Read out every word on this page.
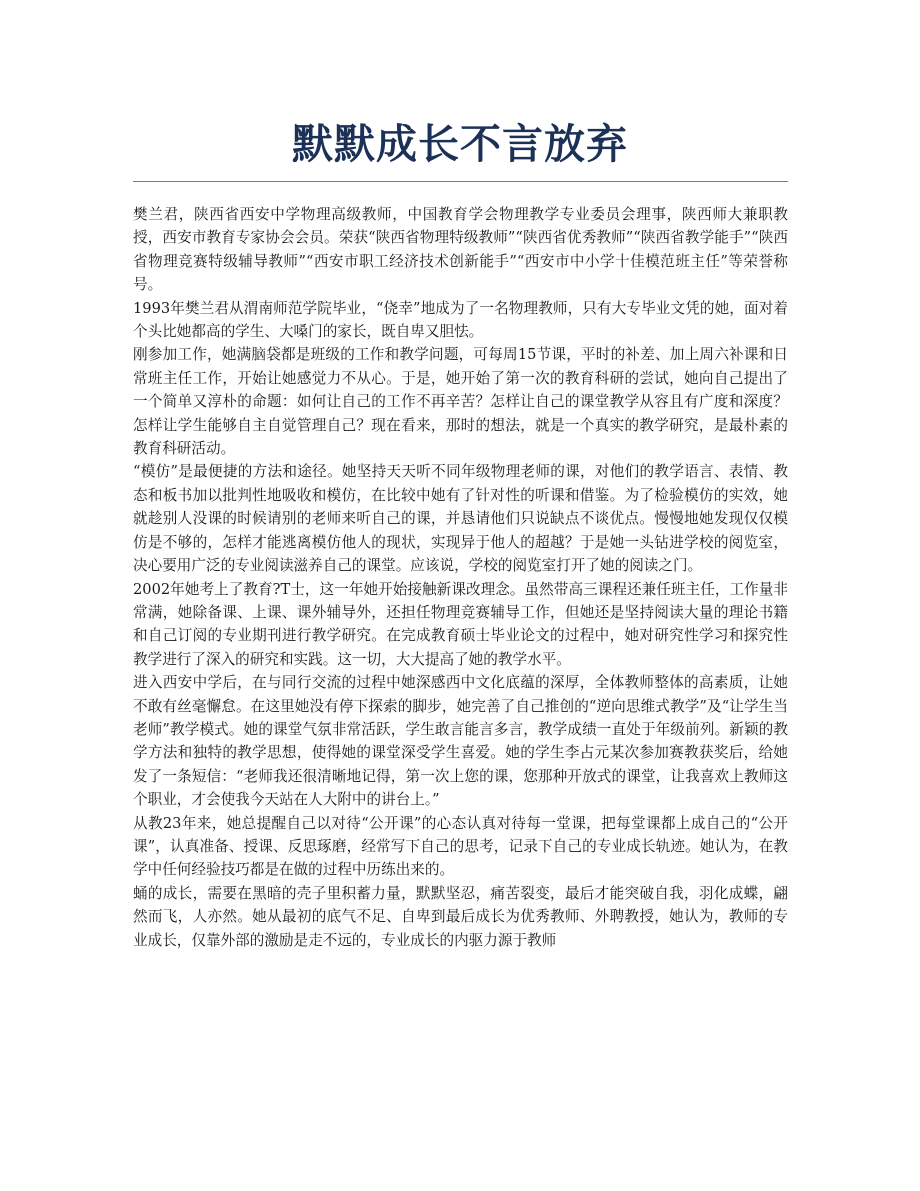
默默成长不言放弃

樊兰君，陕西省西安中学物理高级教师，中国教育学会物理教学专业委员会理事，陕西师大兼职教授，西安市教育专家协会会员。荣获“陕西省物理特级教师”“陕西省优秀教师”“陕西省教学能手”“陕西省物理竞赛特级辅导教师”“西安市职工经济技术创新能手”“西安市中小学十佳模范班主任”等荣誉称号。

1993年樊兰君从渭南师范学院毕业，“侥幸”地成为了一名物理教师，只有大专毕业文凭的她，面对着个头比她都高的学生、大嗓门的家长，既自卑又胆怯。

刚参加工作，她满脑袋都是班级的工作和教学问题，可每周15节课，平时的补差、加上周六补课和日常班主任工作，开始让她感觉力不从心。于是，她开始了第一次的教育科研的尝试，她向自己提出了一个简单又淳朴的命题：如何让自己的工作不再辛苦？怎样让自己的课堂教学从容且有广度和深度？怎样让学生能够自主自觉管理自己？现在看来，那时的想法，就是一个真实的教学研究，是最朴素的教育科研活动。

“模仿”是最便捷的方法和途径。她坚持天天听不同年级物理老师的课，对他们的教学语言、表情、教态和板书加以批判性地吸收和模仿，在比较中她有了针对性的听课和借鉴。为了检验模仿的实效，她就趁别人没课的时候请别的老师来听自己的课，并恳请他们只说缺点不谈优点。慢慢地她发现仅仅模仿是不够的，怎样才能逃离模仿他人的现状，实现异于他人的超越？于是她一头钻进学校的阅览室，决心要用广泛的专业阅读滋养自己的课堂。应该说，学校的阅览室打开了她的阅读之门。

2002年她考上了教育?T士，这一年她开始接触新课改理念。虽然带高三课程还兼任班主任，工作量非常满，她除备课、上课、课外辅导外，还担任物理竞赛辅导工作，但她还是坚持阅读大量的理论书籍和自己订阅的专业期刊进行教学研究。在完成教育硕士毕业论文的过程中，她对研究性学习和探究性教学进行了深入的研究和实践。这一切，大大提高了她的教学水平。

进入西安中学后，在与同行交流的过程中她深感西中文化底蕴的深厚，全体教师整体的高素质，让她不敢有丝毫懈怠。在这里她没有停下探索的脚步，她完善了自己推创的“逆向思维式教学”及“让学生当老师”教学模式。她的课堂气氛非常活跃，学生敢言能言多言，教学成绩一直处于年级前列。新颖的教学方法和独特的教学思想，使得她的课堂深受学生喜爱。她的学生李占元某次参加赛教获奖后，给她发了一条短信：“老师我还很清晰地记得，第一次上您的课，您那种开放式的课堂，让我喜欢上教师这个职业，才会使我今天站在人大附中的讲台上。”

从教23年来，她总提醒自己以对待“公开课”的心态认真对待每一堂课，把每堂课都上成自己的“公开课”，认真准备、授课、反思琢磨，经常写下自己的思考，记录下自己的专业成长轨迹。她认为，在教学中任何经验技巧都是在做的过程中历练出来的。

蛹的成长，需要在黑暗的壳子里积蓄力量，默默坚忍，痛苦裂变，最后才能突破自我，羽化成蝶，翩然而飞，人亦然。她从最初的底气不足、自卑到最后成长为优秀教师、外聘教授，她认为，教师的专业成长，仅靠外部的激励是走不远的，专业成长的内驱力源于教师
